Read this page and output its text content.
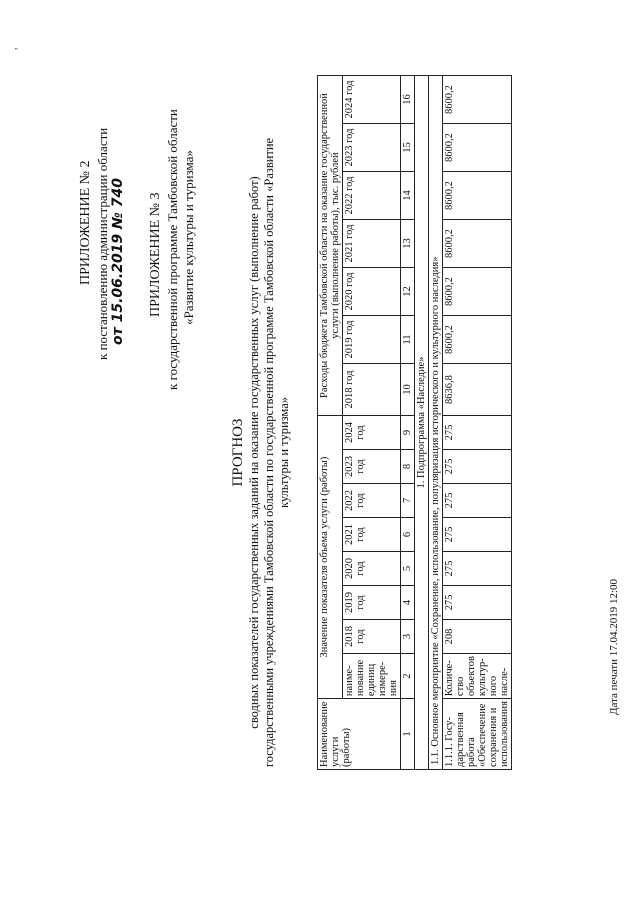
,
ПРИЛОЖЕНИЕ № 2 к постановлению администрации области от 15.06.2019 № 740 ПРИЛОЖЕНИЕ № 3 к государственной программе Тамбовской области «Развитие культуры и туризма»
ПРОГНОЗ сводных показателей государственных заданий на оказание государственных услуг (выполнение работ) государственными учреждениями Тамбовской области по государственной программе Тамбовской области «Развитие культуры и туризма»
Наименование услуги (работы)	Значение показателя объема услуги (работы)								Расходы бюджета Тамбовской области на оказание государственной услуги (выполнение работы), тыс. рублей						
	наиме-нование единиц измере-ния	2018 год	2019 год	2020 год	2021 год	2022 год	2023 год	2024 год	2018 год	2019 год	2020 год	2021 год	2022 год	2023 год	2024 год
1	2	3	4	5	6	7	8	9	10	11	12	13	14	15	16
1. Подпрограмма «Наследие»															
1.1. Основное мероприятие «Сохранение, использование, популяризация исторического и культурного наследия»															
1.1.1. Госу-дарственная работа «Обеспечение сохранения и использования	Количе-ство объектов культур-ного насле-	208	275	275	275	275	275	275	8636,8	8600,2	8600,2	8600,2	8600,2	8600,2	8600,2
Дата печати 17.04.2019 12:00
